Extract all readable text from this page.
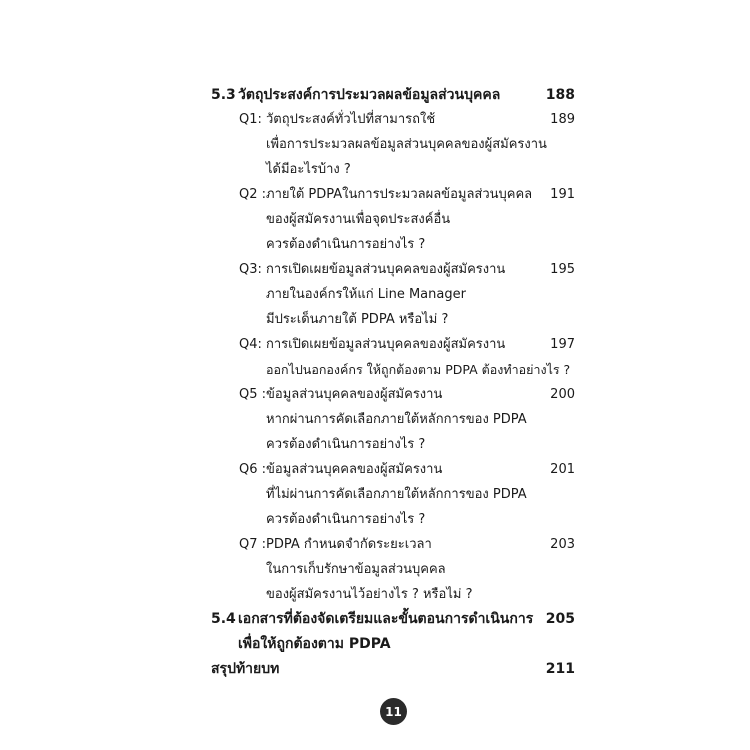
5.3 วัตถุประสงค์การประมวลผลข้อมูลส่วนบุคคล	188
Q1: วัตถุประสงค์ทั่วไปที่สามารถใช้
เพื่อการประมวลผลข้อมูลส่วนบุคคลของผู้สมัครงาน
ได้มีอะไรบ้าง ?
189
Q2 : ภายใต้ PDPAในการประมวลผลข้อมูลส่วนบุคคล
ของผู้สมัครงานเพื่อจุดประสงค์อื่น
ควรต้องดำเนินการอย่างไร ?
191
Q3: การเปิดเผยข้อมูลส่วนบุคคลของผู้สมัครงาน
ภายในองค์กรให้แก่ Line Manager
มีประเด็นภายใต้ PDPA หรือไม่ ?
195
Q4: การเปิดเผยข้อมูลส่วนบุคคลของผู้สมัครงาน
ออกไปนอกองค์กร ให้ถูกต้องตาม PDPA ต้องทำอย่างไร ?
197
Q5 : ข้อมูลส่วนบุคคลของผู้สมัครงาน
หากผ่านการคัดเลือกภายใต้หลักการของ PDPA
ควรต้องดำเนินการอย่างไร ?
200
Q6 : ข้อมูลส่วนบุคคลของผู้สมัครงาน
ที่ไม่ผ่านการคัดเลือกภายใต้หลักการของ PDPA
ควรต้องดำเนินการอย่างไร ?
201
Q7 : PDPA กำหนดจำกัดระยะเวลา
ในการเก็บรักษาข้อมูลส่วนบุคคล
ของผู้สมัครงานไว้อย่างไร ? หรือไม่ ?
203
5.4 เอกสารที่ต้องจัดเตรียมและขั้นตอนการดำเนินการ
เพื่อให้ถูกต้องตาม PDPA
205
สรุปท้ายบท	211
11
